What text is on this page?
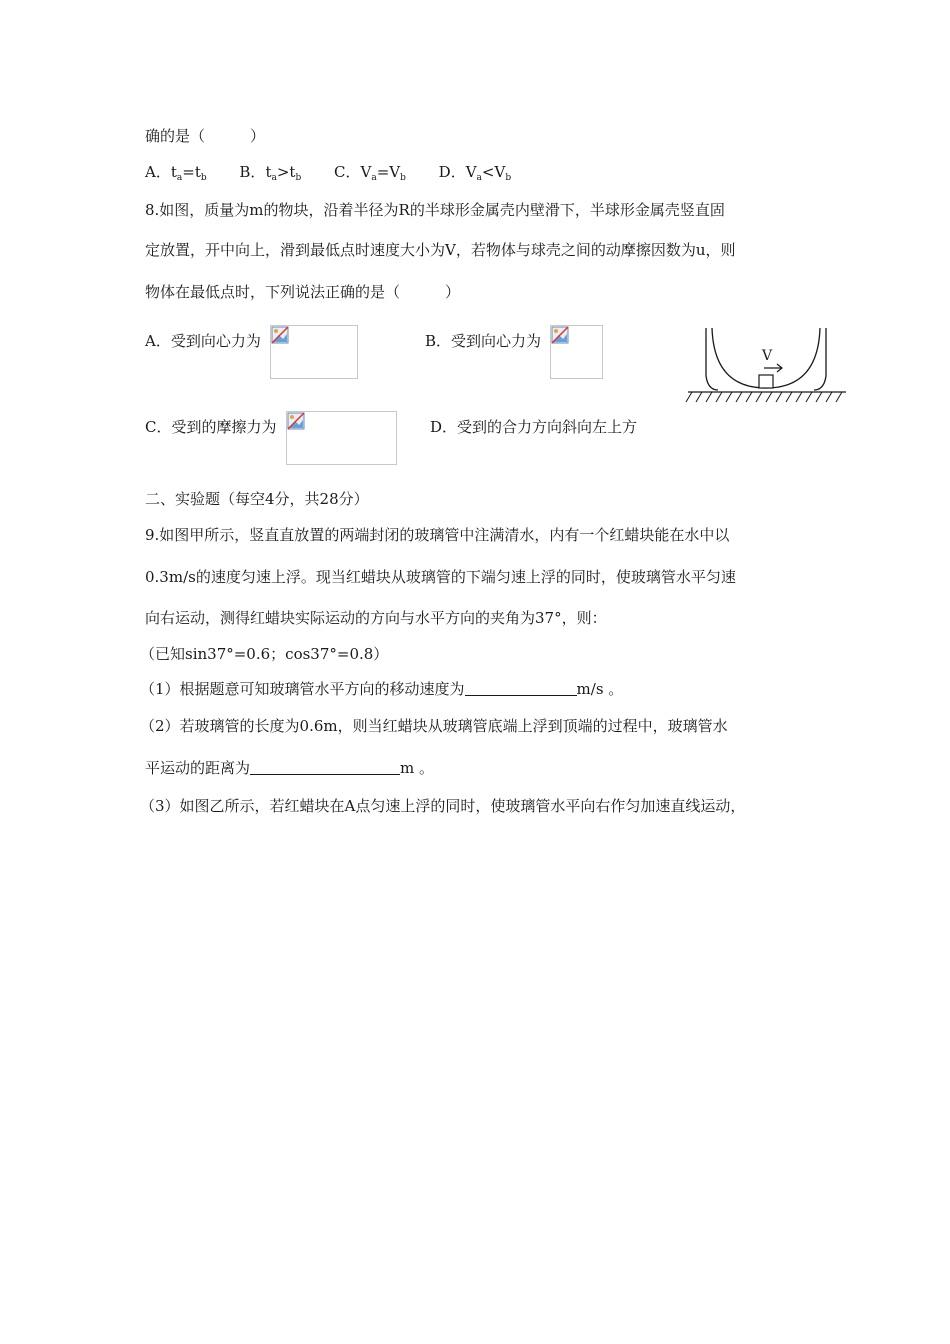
确的是（　　　）
A．$t_a=t_b$ B．$t_a>t_b$ C．$V_a=V_b$ D．$V_a<V_b$
8.如图，质量为m的物块，沿着半径为R的半球形金属壳内壁滑下，半球形金属壳竖直固
定放置，开中向上，滑到最低点时速度大小为V，若物体与球壳之间的动摩擦因数为u，则
物体在最低点时，下列说法正确的是（　　　）
A．受到向心力为	B．受到向心力为
V
C．受到的摩擦力为	D．受到的合力方向斜向左上方
二、实验题（每空4分，共28分）
9.如图甲所示，竖直直放置的两端封闭的玻璃管中注满清水，内有一个红蜡块能在水中以
0.3m/s的速度匀速上浮。现当红蜡块从玻璃管的下端匀速上浮的同时，使玻璃管水平匀速
向右运动，测得红蜡块实际运动的方向与水平方向的夹角为37°，则：
（已知sin37°=0.6；cos37°=0.8）
（1）根据题意可知玻璃管水平方向的移动速度为	m/s 。
（2）若玻璃管的长度为0.6m，则当红蜡块从玻璃管底端上浮到顶端的过程中，玻璃管水
平运动的距离为	m 。
（3）如图乙所示，若红蜡块在A点匀速上浮的同时，使玻璃管水平向右作匀加速直线运动，
